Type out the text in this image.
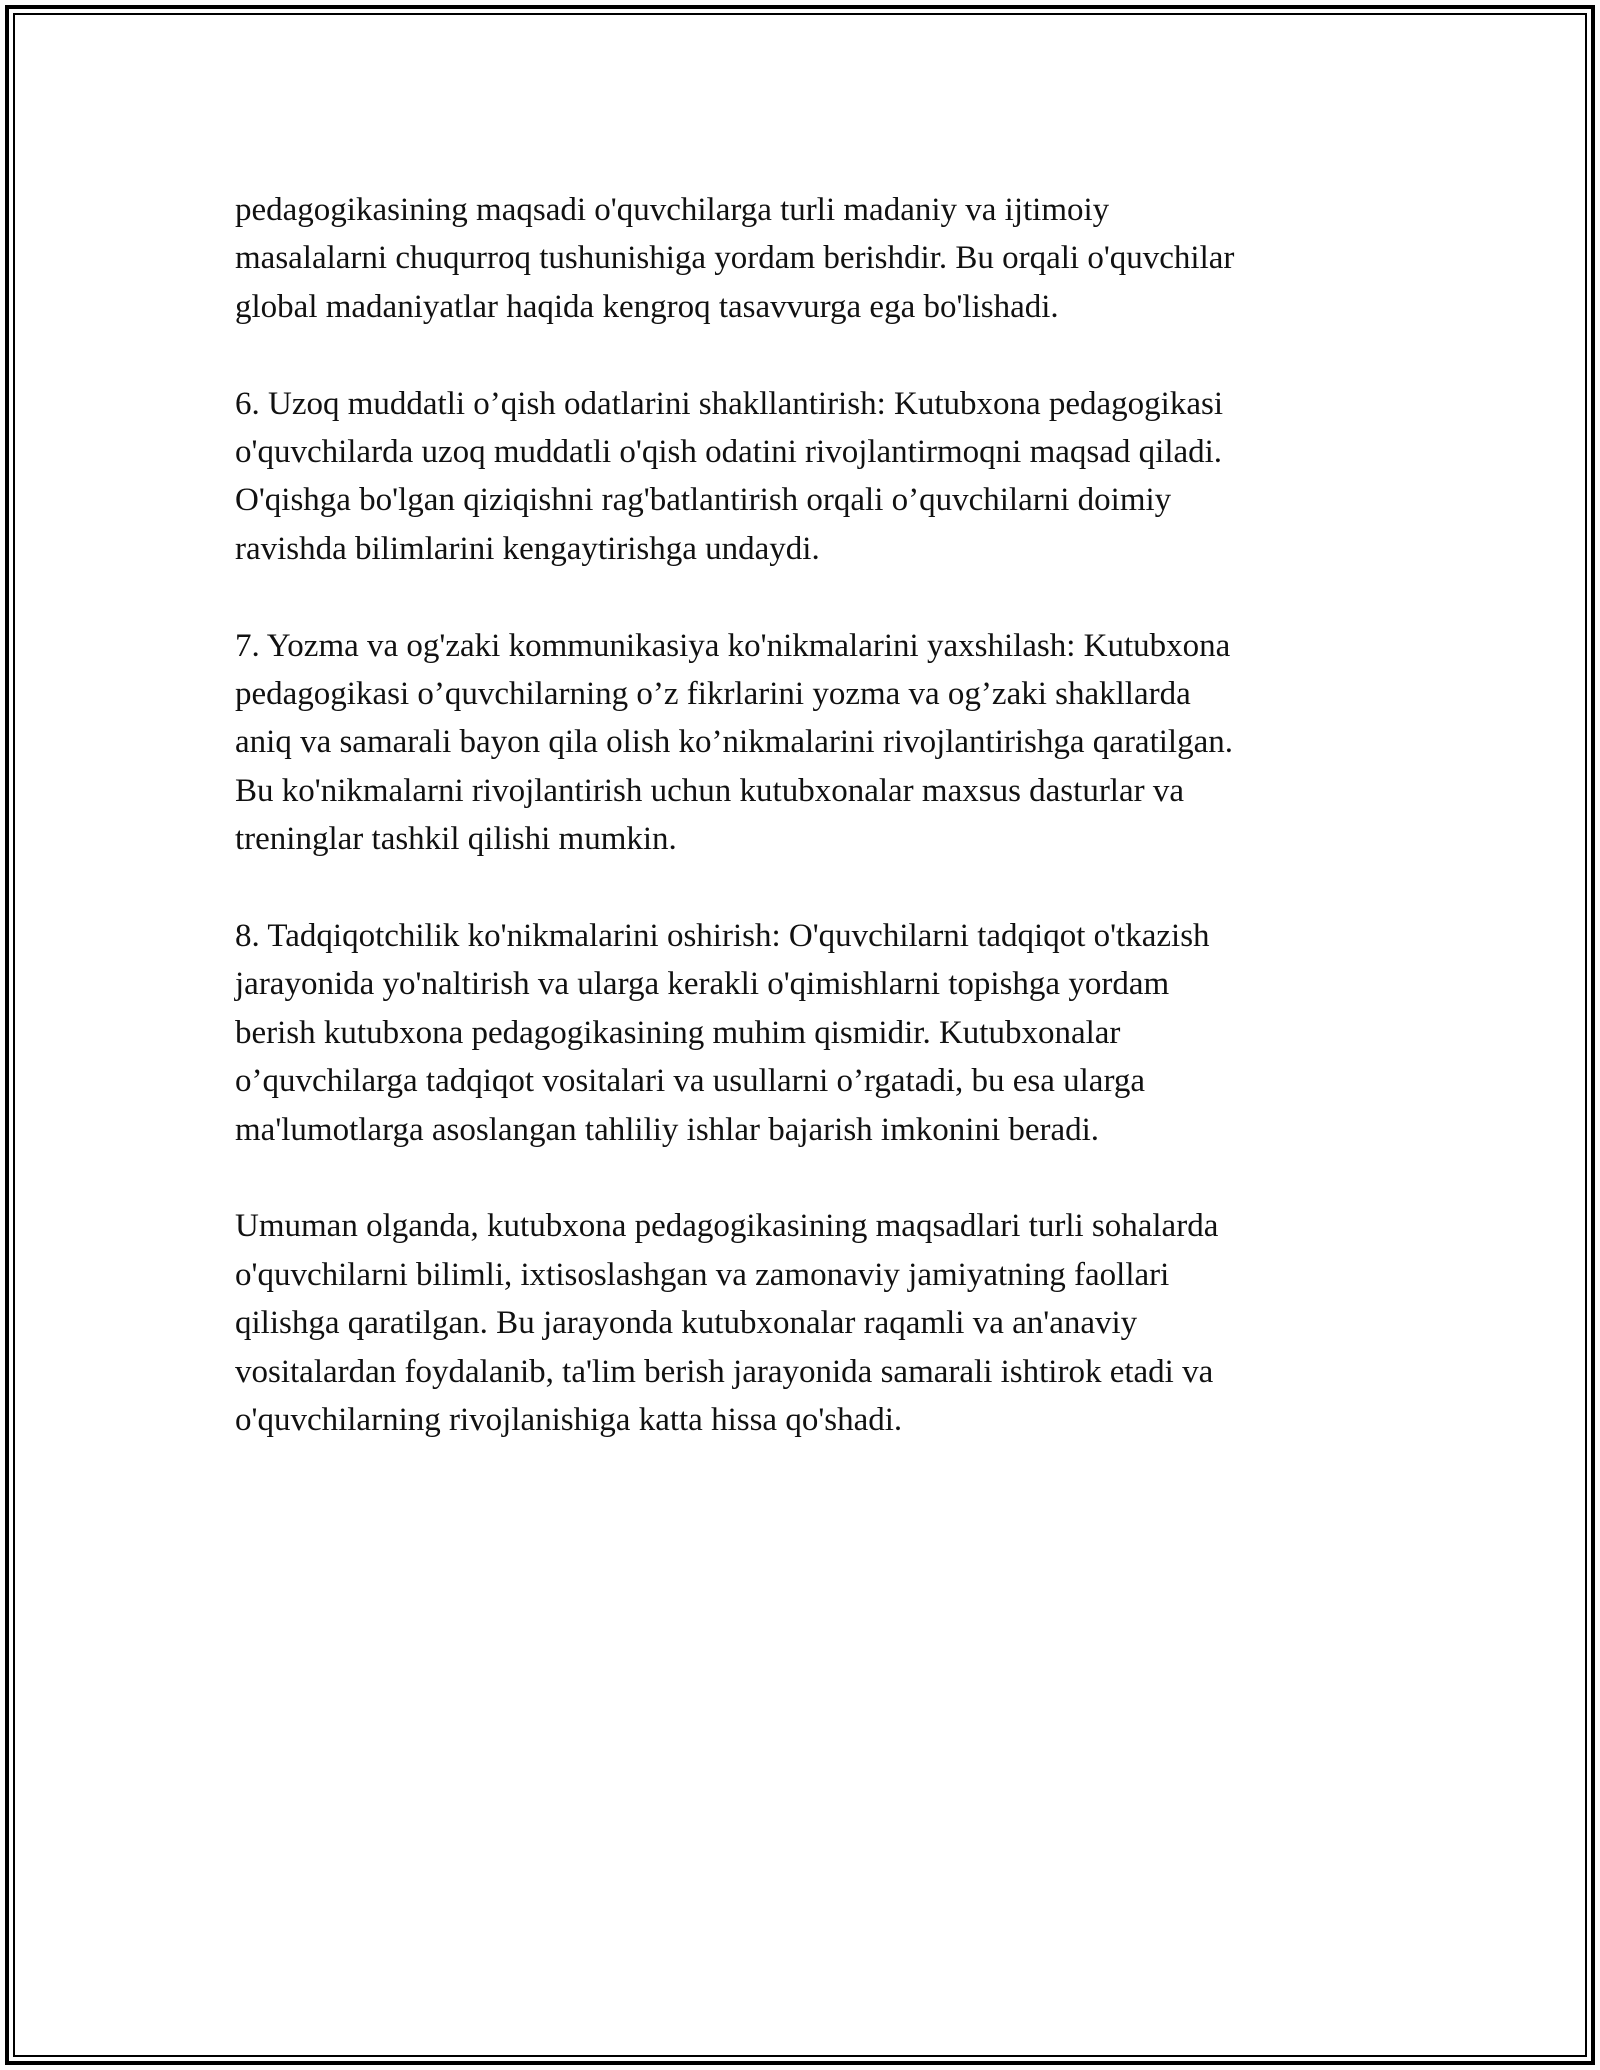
pedagogikasining maqsadi o'quvchilarga turli madaniy va ijtimoiy
masalalarni chuqurroq tushunishiga yordam berishdir. Bu orqali o'quvchilar
global madaniyatlar haqida kengroq tasavvurga ega bo'lishadi.

6. Uzoq muddatli o’qish odatlarini shakllantirish: Kutubxona pedagogikasi
o'quvchilarda uzoq muddatli o'qish odatini rivojlantirmoqni maqsad qiladi.
O'qishga bo'lgan qiziqishni rag'batlantirish orqali o’quvchilarni doimiy
ravishda bilimlarini kengaytirishga undaydi.

7. Yozma va og'zaki kommunikasiya ko'nikmalarini yaxshilash: Kutubxona
pedagogikasi o’quvchilarning o’z fikrlarini yozma va og’zaki shakllarda
aniq va samarali bayon qila olish ko’nikmalarini rivojlantirishga qaratilgan.
Bu ko'nikmalarni rivojlantirish uchun kutubxonalar maxsus dasturlar va
treninglar tashkil qilishi mumkin.

8. Tadqiqotchilik ko'nikmalarini oshirish: O'quvchilarni tadqiqot o'tkazish
jarayonida yo'naltirish va ularga kerakli o'qimishlarni topishga yordam
berish kutubxona pedagogikasining muhim qismidir. Kutubxonalar
o’quvchilarga tadqiqot vositalari va usullarni o’rgatadi, bu esa ularga
ma'lumotlarga asoslangan tahliliy ishlar bajarish imkonini beradi.

Umuman olganda, kutubxona pedagogikasining maqsadlari turli sohalarda
o'quvchilarni bilimli, ixtisoslashgan va zamonaviy jamiyatning faollari
qilishga qaratilgan. Bu jarayonda kutubxonalar raqamli va an'anaviy
vositalardan foydalanib, ta'lim berish jarayonida samarali ishtirok etadi va
o'quvchilarning rivojlanishiga katta hissa qo'shadi.
